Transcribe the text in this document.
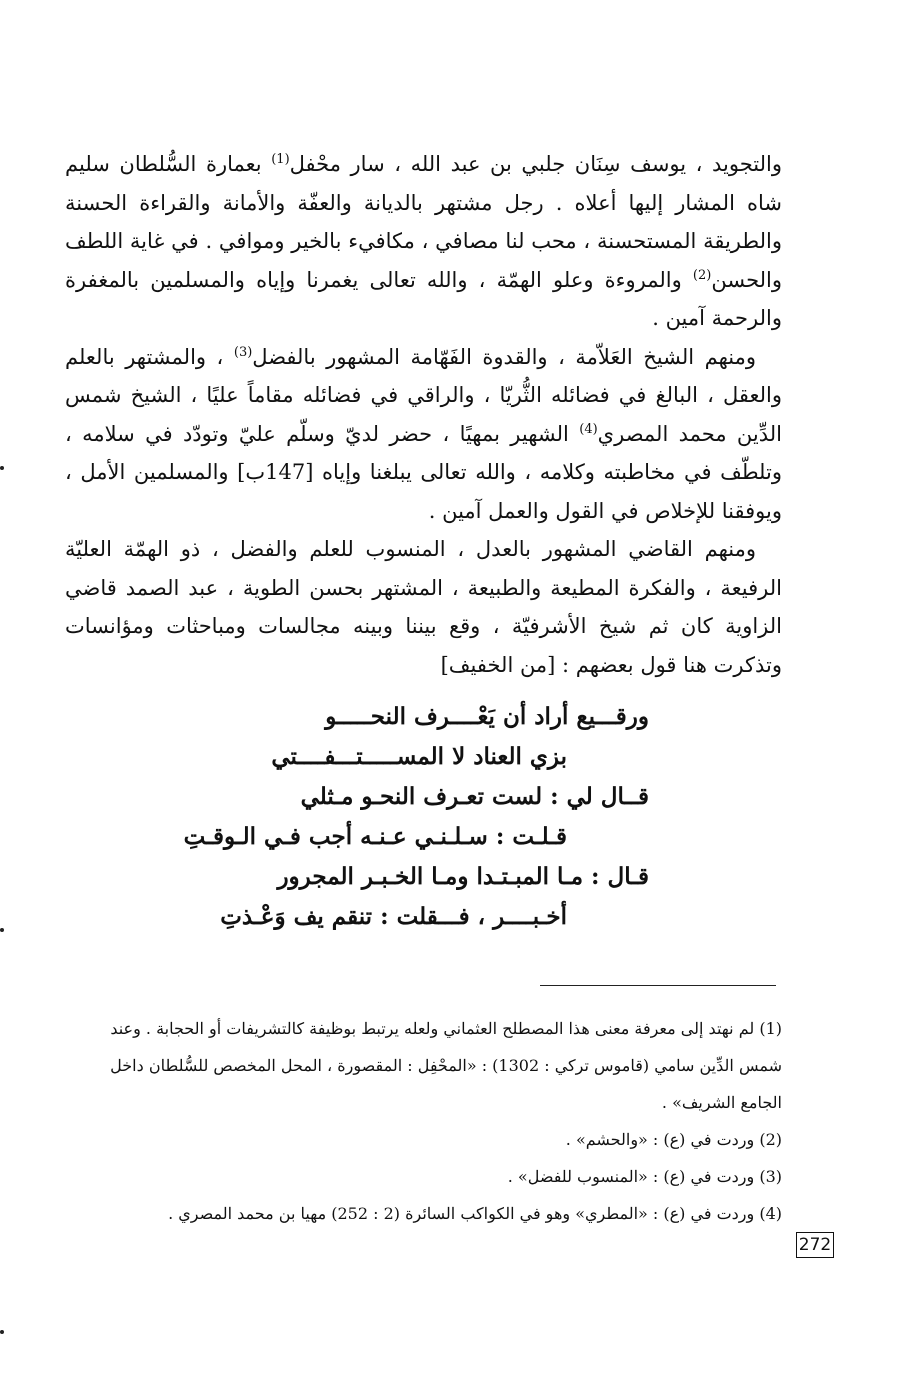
والتجويد ، يوسف سِنَان جلبي بن عبد الله ، سار محْفل$^{(1)}$ بعمارة السُّلطان سليم شاه المشار إليها أعلاه . رجل مشتهر بالديانة والعفّة والأمانة والقراءة الحسنة والطريقة المستحسنة ، محب لنا مصافي ، مكافيء بالخير وموافي . في غاية اللطف والحسن$^{(2)}$ والمروءة وعلو الهمّة ، والله تعالى يغمرنا وإياه والمسلمين بالمغفرة والرحمة آمين .

ومنهم الشيخ العَلاّمة ، والقدوة الفَهّامة المشهور بالفضل$^{(3)}$ ، والمشتهر بالعلم والعقل ، البالغ في فضائله الثُّريّا ، والراقي في فضائله مقاماً عليًا ، الشيخ شمس الدِّين محمد المصري$^{(4)}$ الشهير بمهيًا ، حضر لديّ وسلّم عليّ وتودّد في سلامه ، وتلطّف في مخاطبته وكلامه ، والله تعالى يبلغنا وإياه [147ب] والمسلمين الأمل ، ويوفقنا للإخلاص في القول والعمل آمين .

ومنهم القاضي المشهور بالعدل ، المنسوب للعلم والفضل ، ذو الهمّة العليّة الرفيعة ، والفكرة المطيعة والطبيعة ، المشتهر بحسن الطوية ، عبد الصمد قاضي الزاوية كان ثم شيخ الأشرفيّة ، وقع بيننا وبينه مجالسات ومباحثات ومؤانسات وتذكرت هنا قول بعضهم : [من الخفيف]

ورقـــيع أراد أن يَعْــــرف النحـــــو
بزي العناد لا المســـــتـــفــــتي
قــال لي : لست تعـرف النحـو مـثلي
قـلـت : سـلـنـي عـنـه أجب فـي الـوقـتِ
قـال : مـا المبـتـدا ومـا الخـبـر المجرور
أخـبــــر ، فـــقلت : تنقم يف وَعْـذتِ

(1) لم نهتد إلى معرفة معنى هذا المصطلح العثماني ولعله يرتبط بوظيفة كالتشريفات أو الحجابة . وعند شمس الدِّين سامي (قاموس تركي : 1302) : «المحْفِل : المقصورة ، المحل المخصص للسُّلطان داخل الجامع الشريف» .

(2) وردت في (ع) : «والحشم» .

(3) وردت في (ع) : «المنسوب للفضل» .

(4) وردت في (ع) : «المطري» وهو في الكواكب السائرة (2 : 252) مهيا بن محمد المصري .

272
